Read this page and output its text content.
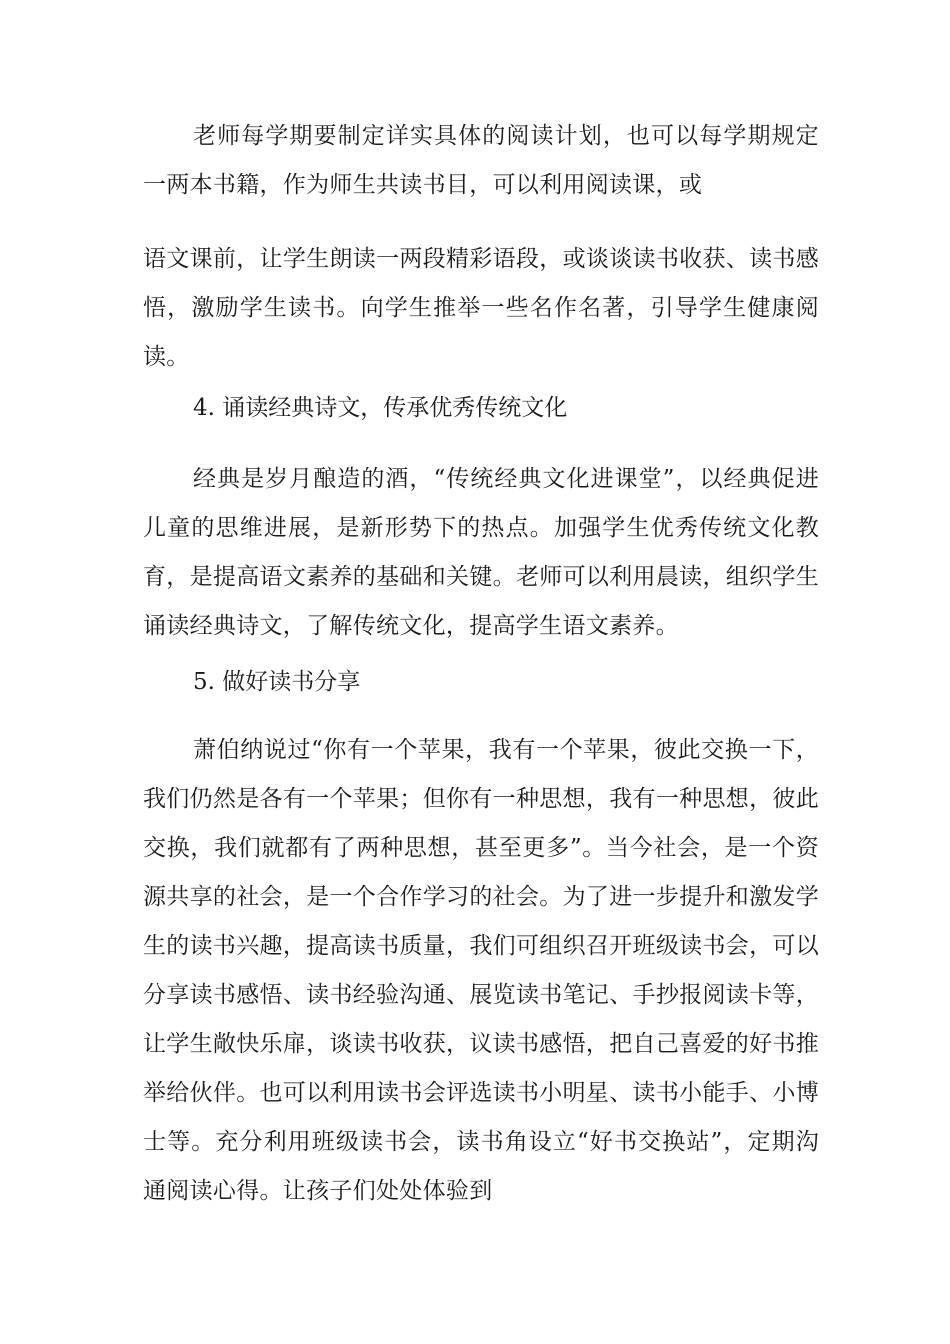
老师每学期要制定详实具体的阅读计划，也可以每学期规定一两本书籍，作为师生共读书目，可以利用阅读课，或

语文课前，让学生朗读一两段精彩语段，或谈谈读书收获、读书感悟，激励学生读书。向学生推举一些名作名著，引导学生健康阅读。

4. 诵读经典诗文，传承优秀传统文化

经典是岁月酿造的酒，“传统经典文化进课堂”，以经典促进儿童的思维进展，是新形势下的热点。加强学生优秀传统文化教育，是提高语文素养的基础和关键。老师可以利用晨读，组织学生诵读经典诗文，了解传统文化，提高学生语文素养。

5. 做好读书分享

萧伯纳说过“你有一个苹果，我有一个苹果，彼此交换一下，我们仍然是各有一个苹果；但你有一种思想，我有一种思想，彼此交换，我们就都有了两种思想，甚至更多”。当今社会，是一个资源共享的社会，是一个合作学习的社会。为了进一步提升和激发学生的读书兴趣，提高读书质量，我们可组织召开班级读书会，可以分享读书感悟、读书经验沟通、展览读书笔记、手抄报阅读卡等，让学生敞快乐扉，谈读书收获，议读书感悟，把自己喜爱的好书推举给伙伴。也可以利用读书会评选读书小明星、读书小能手、小博士等。充分利用班级读书会，读书角设立“好书交换站”，定期沟通阅读心得。让孩子们处处体验到
